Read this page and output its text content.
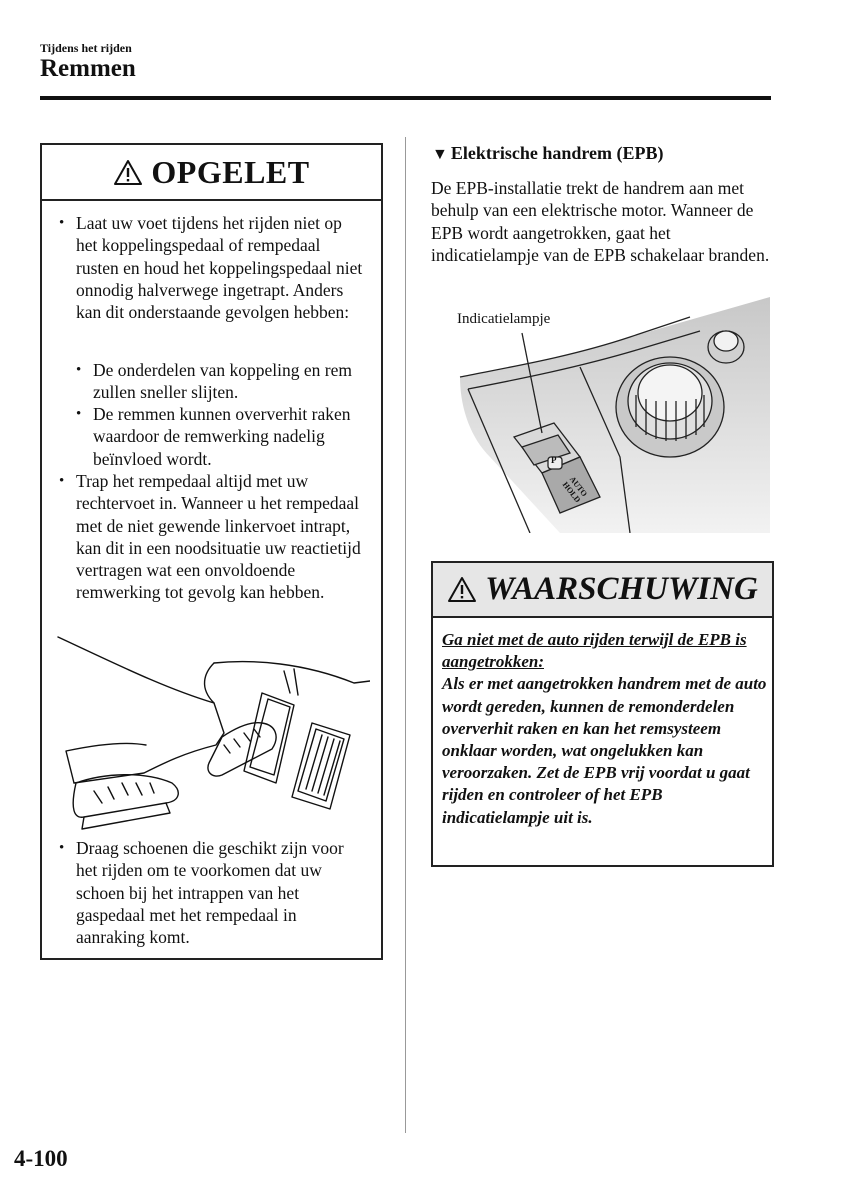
Tijdens het rijden
Remmen
OPGELET
• Laat uw voet tijdens het rijden niet op het koppelingspedaal of rempedaal rusten en houd het koppelingspedaal niet onnodig halverwege ingetrapt. Anders kan dit onderstaande gevolgen hebben:
• De onderdelen van koppeling en rem zullen sneller slijten.
• De remmen kunnen oververhit raken waardoor de remwerking nadelig beïnvloed wordt.
• Trap het rempedaal altijd met uw rechtervoet in. Wanneer u het rempedaal met de niet gewende linkervoet intrapt, kan dit in een noodsituatie uw reactietijd vertragen wat een onvoldoende remwerking tot gevolg kan hebben.
• Draag schoenen die geschikt zijn voor het rijden om te voorkomen dat uw schoen bij het intrappen van het gaspedaal met het rempedaal in aanraking komt.
▼ Elektrische handrem (EPB)
De EPB-installatie trekt de handrem aan met behulp van een elektrische motor. Wanneer de EPB wordt aangetrokken, gaat het indicatielampje van de EPB schakelaar branden.
Indicatielampje
P
AUTO HOLD
WAARSCHUWING
Ga niet met de auto rijden terwijl de EPB is aangetrokken:
Als er met aangetrokken handrem met de auto wordt gereden, kunnen de remonderdelen oververhit raken en kan het remsysteem onklaar worden, wat ongelukken kan veroorzaken. Zet de EPB vrij voordat u gaat rijden en controleer of het EPB indicatielampje uit is.
4-100
